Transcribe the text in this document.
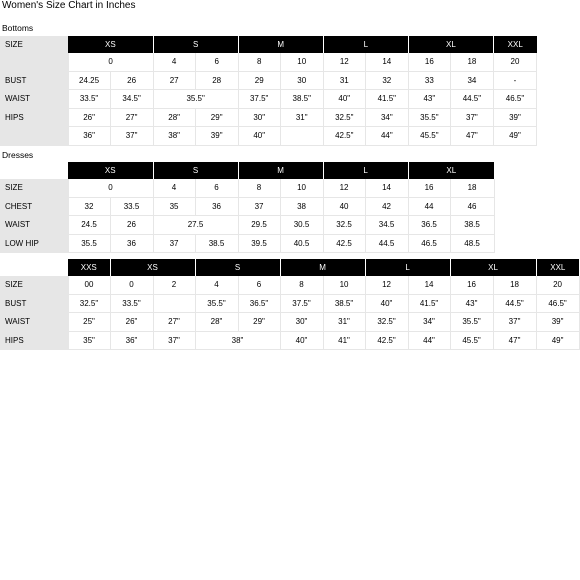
Women's Size Chart in Inches
Bottoms
SIZE	XS		S		M		L		XL		XXL
	0		4	6	8	10	12	14	16	18	20
BUST	24.25	26	27	28	29	30	31	32	33	34	-
WAIST	33.5"	34.5"	35.5"		37.5"	38.5"	40"	41.5"	43"	44.5"	46.5"
HIPS	26"	27"	28"	29"	30"	31"	32.5"	34"	35.5"	37"	39"
	36"	37"	38"	39"	40"		42.5"	44"	45.5"	47"	49"
Dresses
	XS		S		M		L		XL	
SIZE	0		4	6	8	10	12	14	16	18
CHEST	32	33.5	35	36	37	38	40	42	44	46
WAIST	24.5	26	27.5		29.5	30.5	32.5	34.5	36.5	38.5
LOW HIP	35.5	36	37	38.5	39.5	40.5	42.5	44.5	46.5	48.5
	XXS	XS		S		M		L		XL		XXL
SIZE	00	0	2	4	6	8	10	12	14	16	18	20
BUST	32.5"	33.5"		35.5"	36.5"	37.5"	38.5"	40"	41.5"	43"	44.5"	46.5"
WAIST	25"	26"	27"	28"	29"	30"	31"	32.5"	34"	35.5"	37"	39"
HIPS	35"	36"	37"	38"		40"	41"	42.5"	44"	45.5"	47"	49"
